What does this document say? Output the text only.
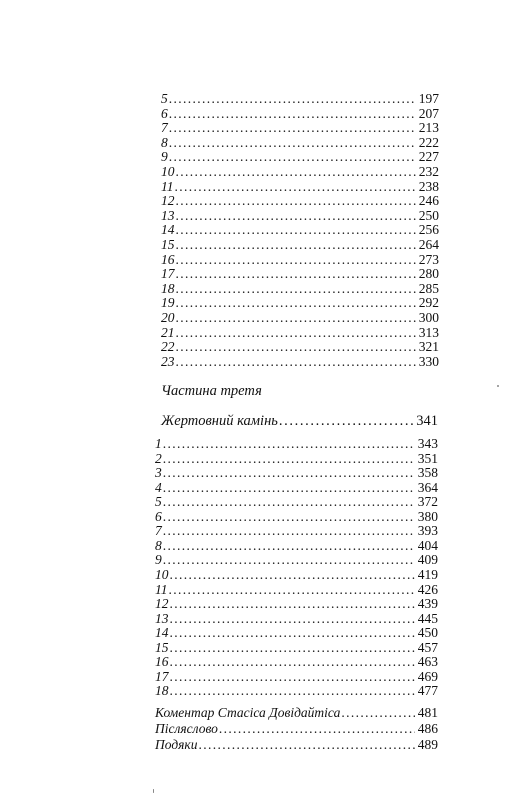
5 . . .	197
6 . . .	207
7 . . .	213
8 . . .	222
9 . . .	227
10 . . .	232
11 . . .	238
12 . . .	246
13 . . .	250
14 . . .	256
15 . . .	264
16 . . .	273
17 . . .	280
18 . . .	285
19 . . .	292
20 . . .	300
21 . . .	313
22 . . .	321
23 . . .	330
Частина третя
Жертовний камінь . . .	341
1 . . .	343
2 . . .	351
3 . . .	358
4 . . .	364
5 . . .	372
6 . . .	380
7 . . .	393
8 . . .	404
9 . . .	409
10 . . .	419
11 . . .	426
12 . . .	439
13 . . .	445
14 . . .	450
15 . . .	457
16 . . .	463
17 . . .	469
18 . . .	477
Коментар Стасіса Довідайтіса . . .	481
Післяслово . . .	486
Подяки . . .	489
